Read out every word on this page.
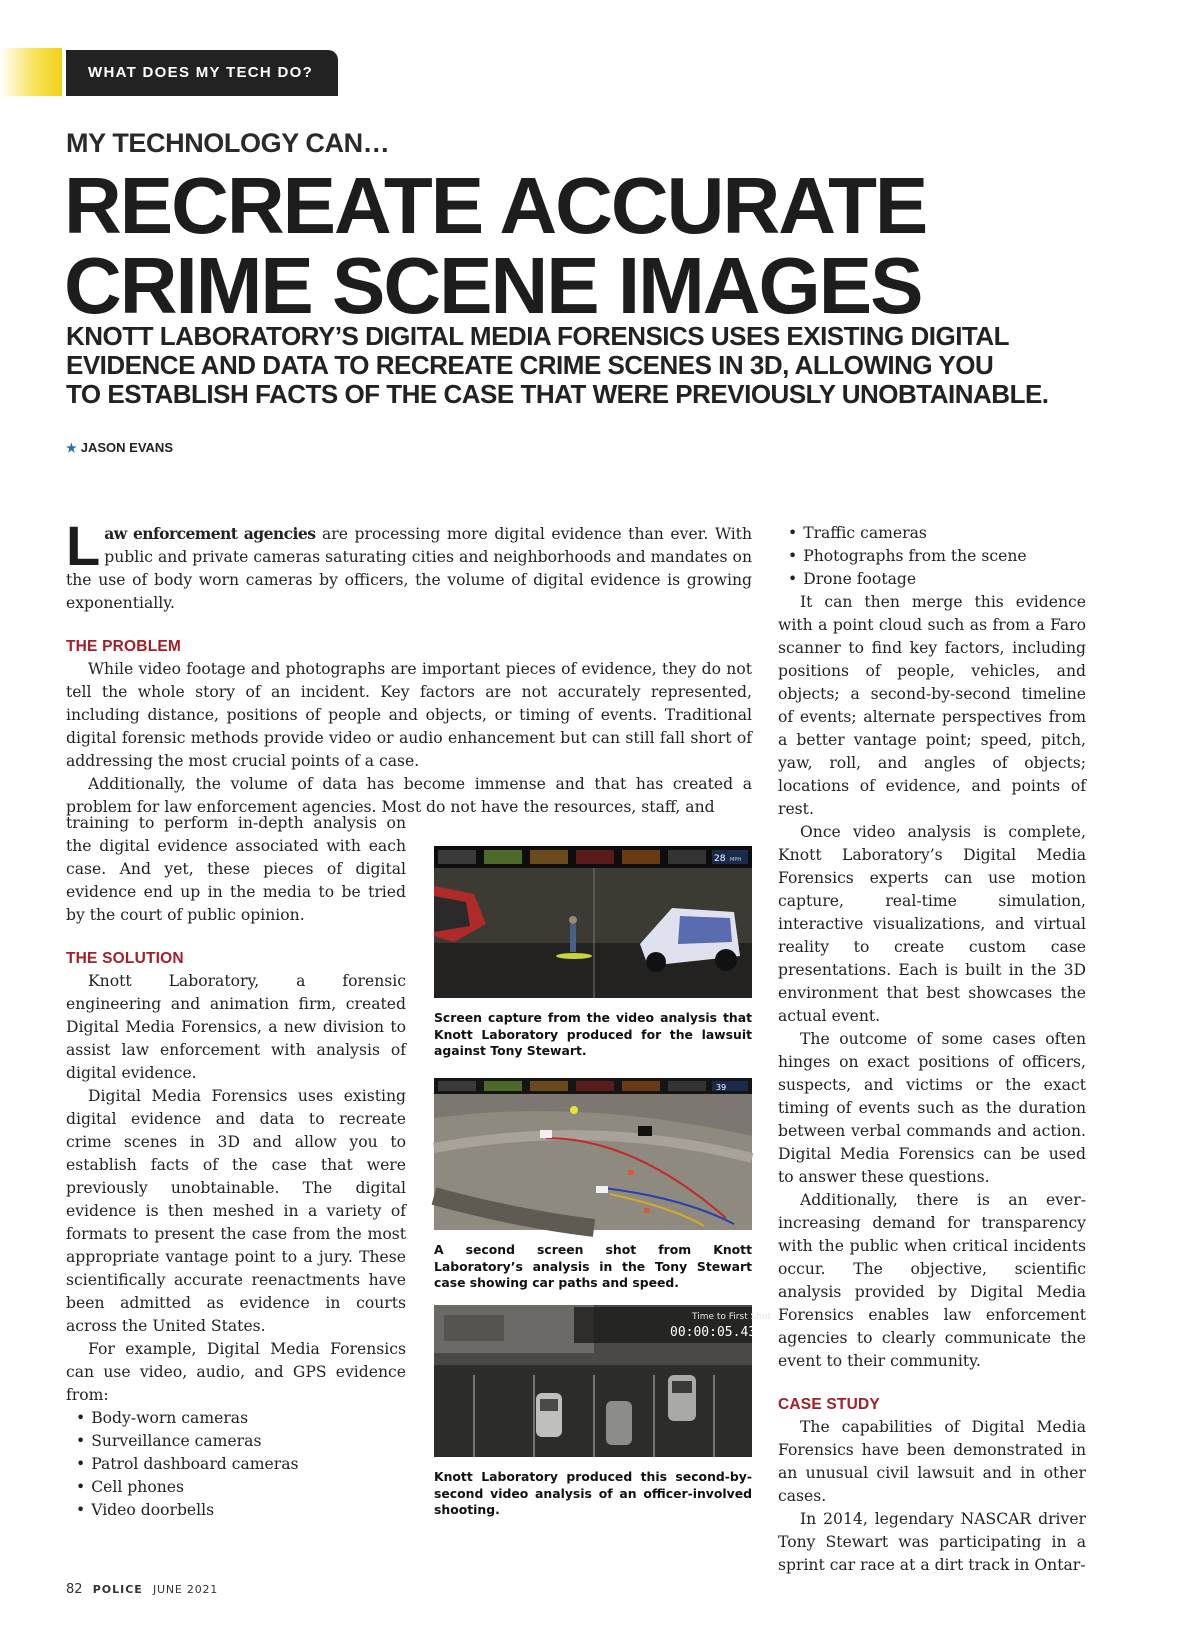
WHAT DOES MY TECH DO?
MY TECHNOLOGY CAN…
RECREATE ACCURATE
CRIME SCENE IMAGES
KNOTT LABORATORY’S DIGITAL MEDIA FORENSICS USES EXISTING DIGITAL
EVIDENCE AND DATA TO RECREATE CRIME SCENES IN 3D, ALLOWING YOU
TO ESTABLISH FACTS OF THE CASE THAT WERE PREVIOUSLY UNOBTAINABLE.
★ JASON EVANS

Law enforcement agencies are processing more digital evidence than ever. With public and private cameras saturating cities and neighborhoods and mandates on the use of body worn cameras by officers, the volume of digital evidence is growing exponentially.

THE PROBLEM

While video footage and photographs are important pieces of evidence, they do not tell the whole story of an incident. Key factors are not accurately represented, including distance, positions of people and objects, or timing of events. Traditional digital forensic methods provide video or audio enhancement but can still fall short of addressing the most crucial points of a case.

Additionally, the volume of data has become immense and that has created a problem for law enforcement agencies. Most do not have the resources, staff, and

training to perform in-depth analysis on the digital evidence associated with each case. And yet, these pieces of digital evidence end up in the media to be tried by the court of public opinion.

THE SOLUTION

Knott Laboratory, a forensic engineering and animation firm, created Digital Media Forensics, a new division to assist law enforcement with analysis of digital evidence.

Digital Media Forensics uses existing digital evidence and data to recreate crime scenes in 3D and allow you to establish facts of the case that were previously unobtainable. The digital evidence is then meshed in a variety of formats to present the case from the most appropriate vantage point to a jury. These scientifically accurate reenactments have been admitted as evidence in courts across the United States.

For example, Digital Media Forensics can use video, audio, and GPS evidence from:

• Body-worn cameras
• Surveillance cameras
• Patrol dashboard cameras
• Cell phones
• Video doorbells
28 MPH
Screen capture from the video analysis that Knott Laboratory produced for the lawsuit against Tony Stewart.
39
A second screen shot from Knott Laboratory’s analysis in the Tony Stewart case showing car paths and speed.
Time to First Shot
00:00:05.43
Knott Laboratory produced this second-by-second video analysis of an officer-involved shooting.
• Traffic cameras
• Photographs from the scene
• Drone footage

It can then merge this evidence with a point cloud such as from a Faro scanner to find key factors, including positions of people, vehicles, and objects; a second-by-second timeline of events; alternate perspectives from a better vantage point; speed, pitch, yaw, roll, and angles of objects; locations of evidence, and points of rest.

Once video analysis is complete, Knott Laboratory’s Digital Media Forensics experts can use motion capture, real-time simulation, interactive visualizations, and virtual reality to create custom case presentations. Each is built in the 3D environment that best showcases the actual event.

The outcome of some cases often hinges on exact positions of officers, suspects, and victims or the exact timing of events such as the duration between verbal commands and action. Digital Media Forensics can be used to answer these questions.

Additionally, there is an ever-increasing demand for transparency with the public when critical incidents occur. The objective, scientific analysis provided by Digital Media Forensics enables law enforcement agencies to clearly communicate the event to their community.

CASE STUDY

The capabilities of Digital Media Forensics have been demonstrated in an unusual civil lawsuit and in other cases.

In 2014, legendary NASCAR driver Tony Stewart was participating in a sprint car race at a dirt track in Ontar-

82 POLICE JUNE 2021
